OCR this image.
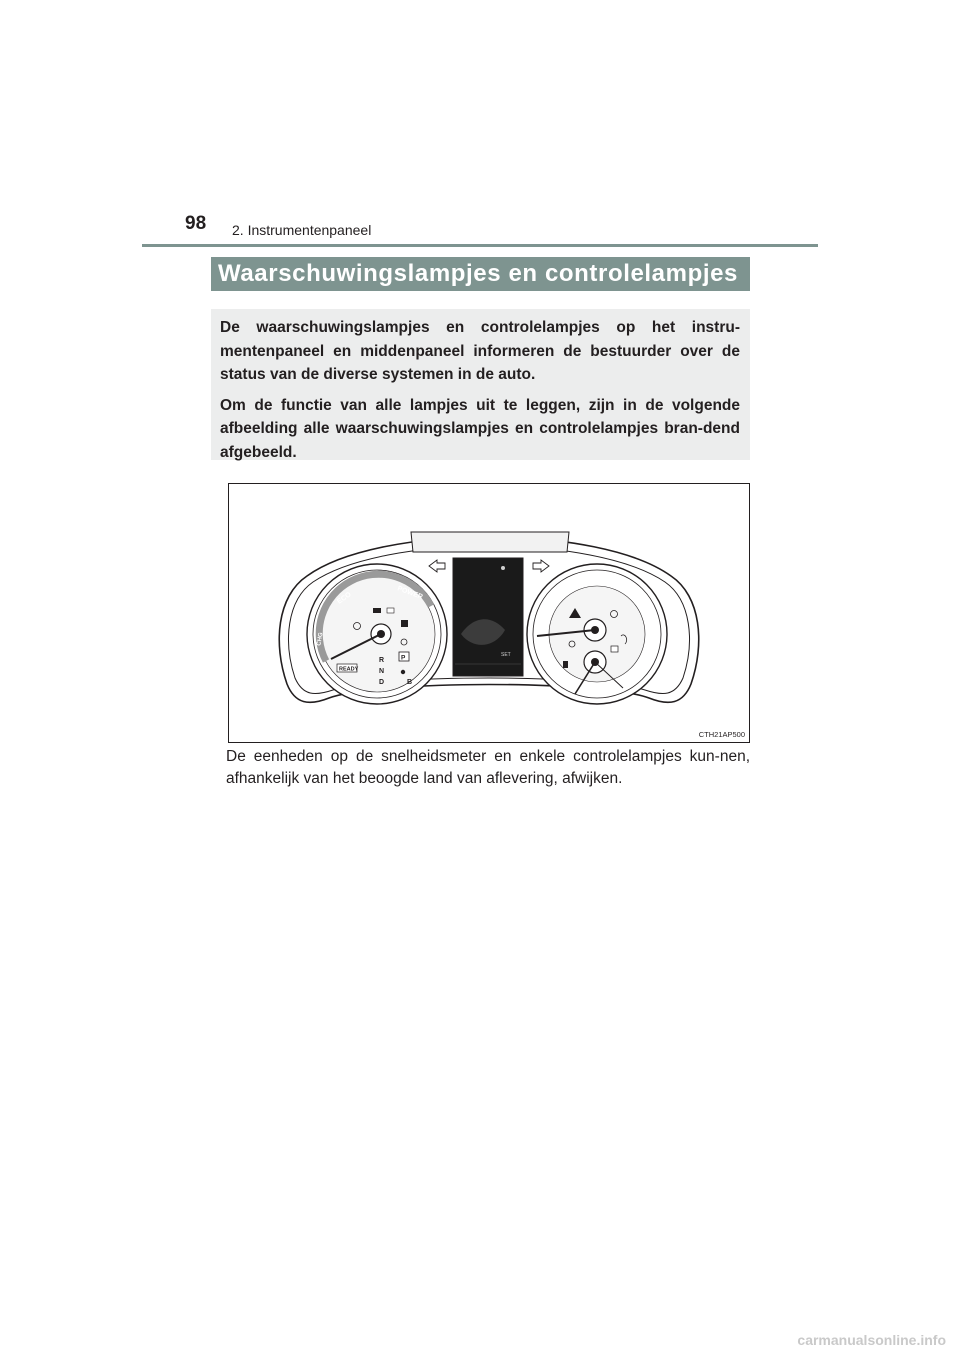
98 2. Instrumentenpaneel
Waarschuwingslampjes en controlelampjes

De waarschuwingslampjes en controlelampjes op het instru-mentenpaneel en middenpaneel informeren de bestuurder over de status van de diverse systemen in de auto.

Om de functie van alle lampjes uit te leggen, zijn in de volgende afbeelding alle waarschuwingslampjes en controlelampjes bran-dend afgebeeld.

ECO	POWER
CHG
READY
R
N
D	B
P	SET
CTH21AP500

De eenheden op de snelheidsmeter en enkele controlelampjes kun-nen, afhankelijk van het beoogde land van aflevering, afwijken.

carmanualsonline.info
